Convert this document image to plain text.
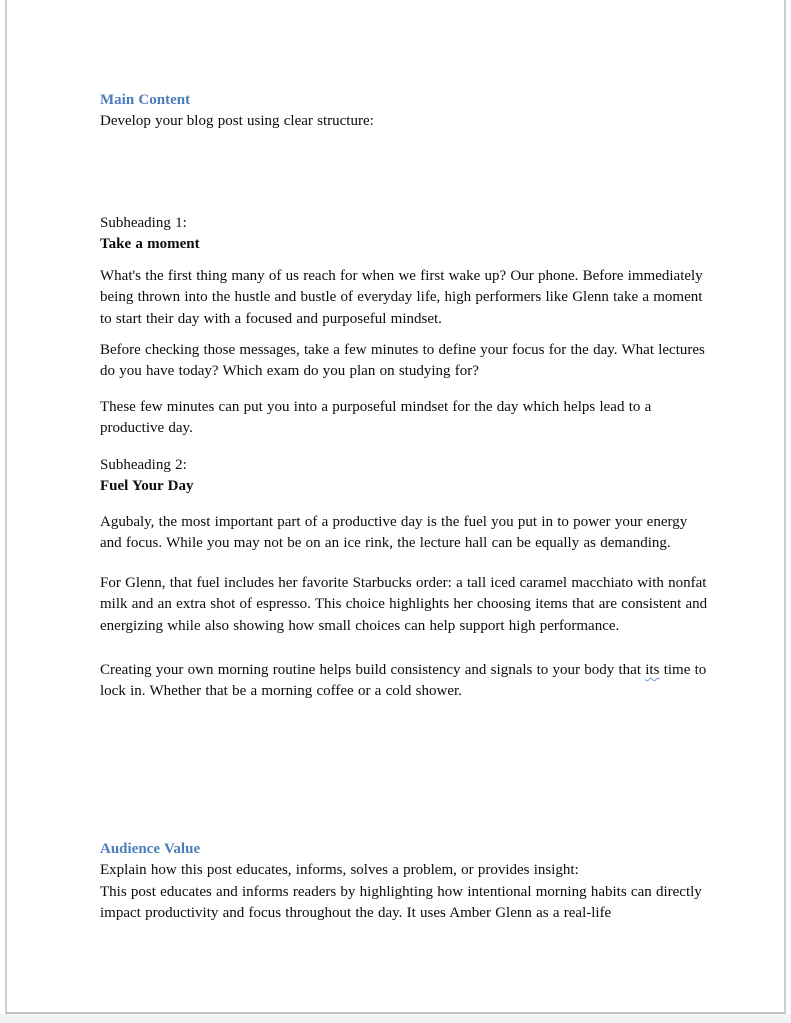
Main Content
Develop your blog post using clear structure:
Subheading 1:
Take a moment
What's the first thing many of us reach for when we first wake up? Our phone. Before immediately being thrown into the hustle and bustle of everyday life, high performers like Glenn take a moment to start their day with a focused and purposeful mindset.
Before checking those messages, take a few minutes to define your focus for the day. What lectures do you have today? Which exam do you plan on studying for?
These few minutes can put you into a purposeful mindset for the day which helps lead to a productive day.
Subheading 2:
Fuel Your Day
Agubaly, the most important part of a productive day is the fuel you put in to power your energy and focus. While you may not be on an ice rink, the lecture hall can be equally as demanding.
For Glenn, that fuel includes her favorite Starbucks order: a tall iced caramel macchiato with nonfat milk and an extra shot of espresso. This choice highlights her choosing items that are consistent and energizing while also showing how small choices can help support high performance.
Creating your own morning routine helps build consistency and signals to your body that its time to lock in. Whether that be a morning coffee or a cold shower.
Audience Value
Explain how this post educates, informs, solves a problem, or provides insight:
This post educates and informs readers by highlighting how intentional morning habits can directly impact productivity and focus throughout the day. It uses Amber Glenn as a real-life
